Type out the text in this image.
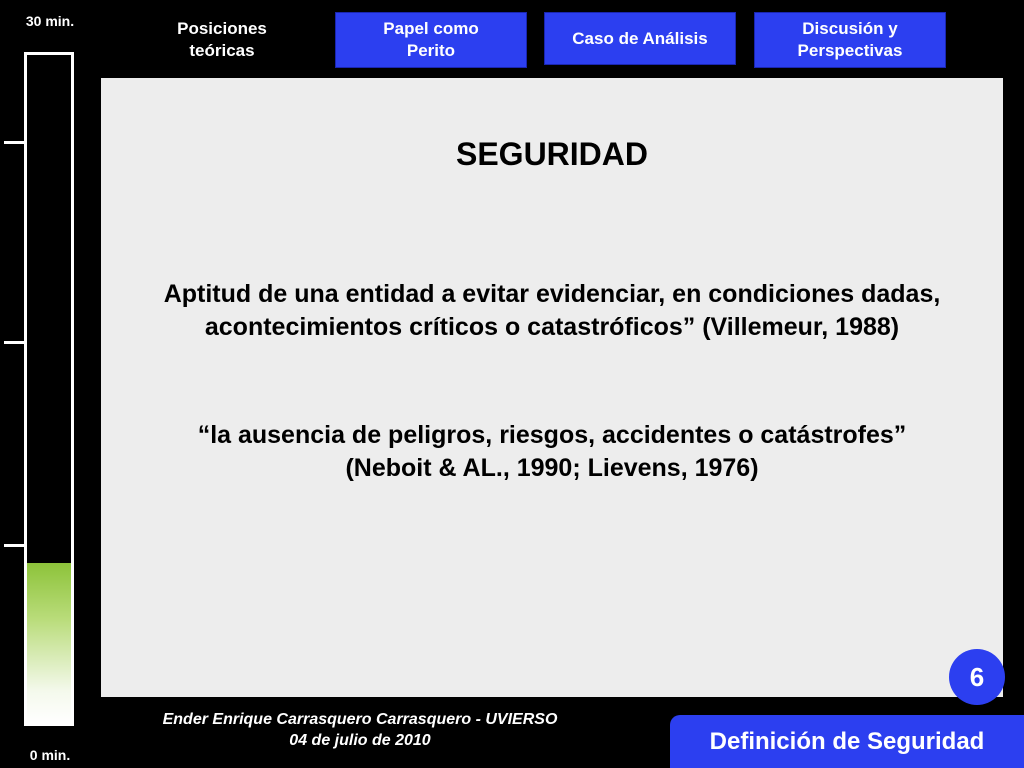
30 min.
0 min.
Posiciones
teóricas
Papel como
Perito
Caso de Análisis	Discusión y
Perspectivas
SEGURIDAD
Aptitud de una entidad a evitar evidenciar, en condiciones dadas,
acontecimientos críticos o catastróficos” (Villemeur, 1988)
“la ausencia de peligros, riesgos, accidentes o catástrofes”
(Neboit & AL., 1990; Lievens, 1976)
6
Ender Enrique Carrasquero Carrasquero - UVIERSO
04 de julio de 2010	Definición de Seguridad
